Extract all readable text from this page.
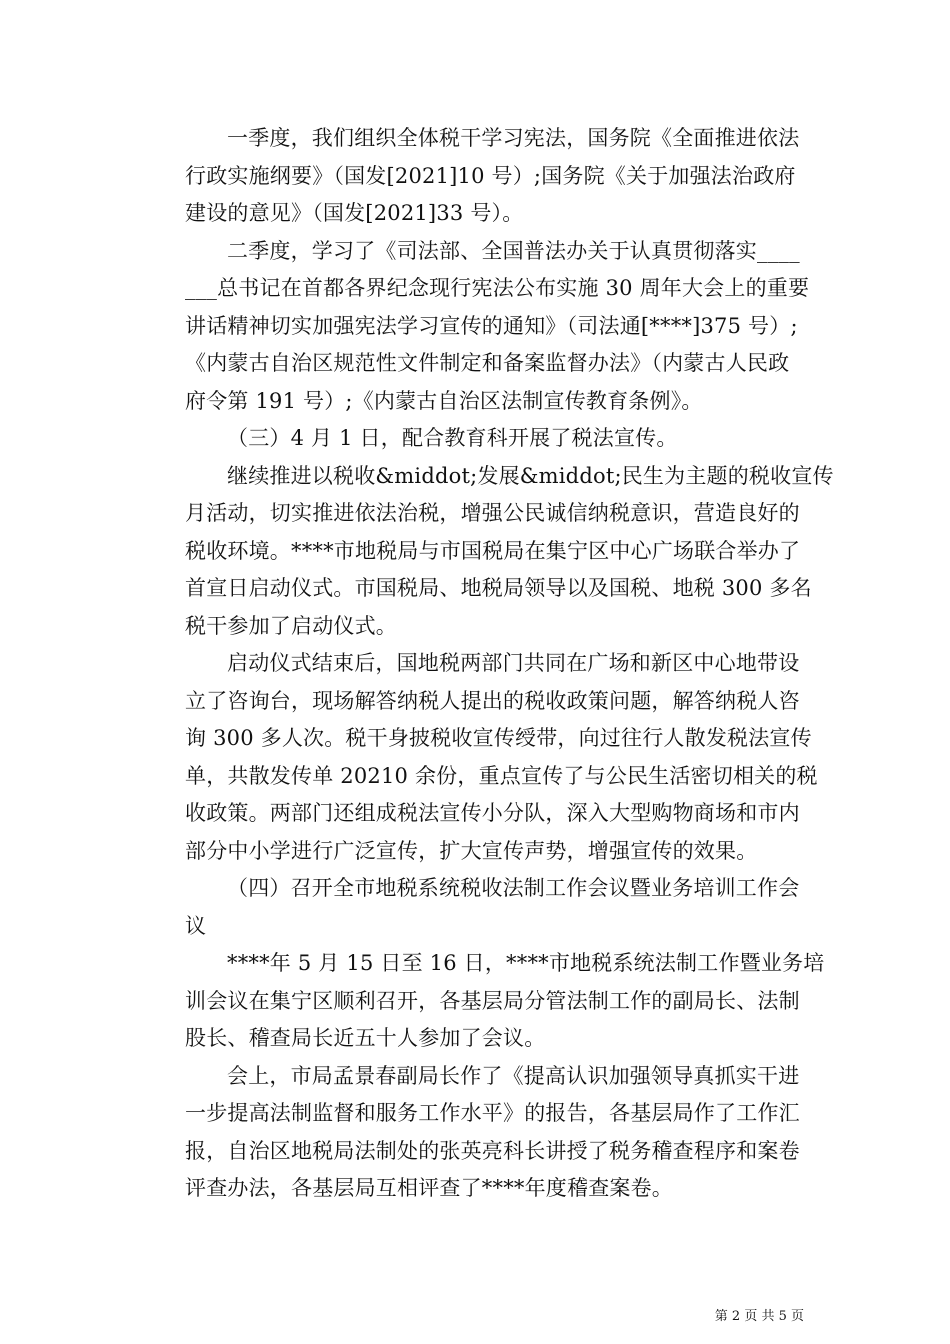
一季度，我们组织全体税干学习宪法，国务院《全面推进依法
行政实施纲要》（国发[2021]10 号）;国务院《关于加强法治政府
建设的意见》（国发[2021]33 号）。

二季度，学习了《司法部、全国普法办关于认真贯彻落实____
___总书记在首都各界纪念现行宪法公布实施 30 周年大会上的重要
讲话精神切实加强宪法学习宣传的通知》（司法通[****]375 号）;
《内蒙古自治区规范性文件制定和备案监督办法》（内蒙古人民政
府令第 191 号）;《内蒙古自治区法制宣传教育条例》。

（三）4 月 1 日，配合教育科开展了税法宣传。

继续推进以税收&middot;发展&middot;民生为主题的税收宣传
月活动，切实推进依法治税，增强公民诚信纳税意识，营造良好的
税收环境。****市地税局与市国税局在集宁区中心广场联合举办了
首宣日启动仪式。市国税局、地税局领导以及国税、地税 300 多名
税干参加了启动仪式。

启动仪式结束后，国地税两部门共同在广场和新区中心地带设
立了咨询台，现场解答纳税人提出的税收政策问题，解答纳税人咨
询 300 多人次。税干身披税收宣传绶带，向过往行人散发税法宣传
单，共散发传单 20210 余份，重点宣传了与公民生活密切相关的税
收政策。两部门还组成税法宣传小分队，深入大型购物商场和市内
部分中小学进行广泛宣传，扩大宣传声势，增强宣传的效果。

（四）召开全市地税系统税收法制工作会议暨业务培训工作会
议

****年 5 月 15 日至 16 日，****市地税系统法制工作暨业务培
训会议在集宁区顺利召开，各基层局分管法制工作的副局长、法制
股长、稽查局长近五十人参加了会议。

会上，市局孟景春副局长作了《提高认识加强领导真抓实干进
一步提高法制监督和服务工作水平》的报告，各基层局作了工作汇
报，自治区地税局法制处的张英亮科长讲授了税务稽查程序和案卷
评查办法，各基层局互相评查了****年度稽查案卷。

第 2 页 共 5 页
